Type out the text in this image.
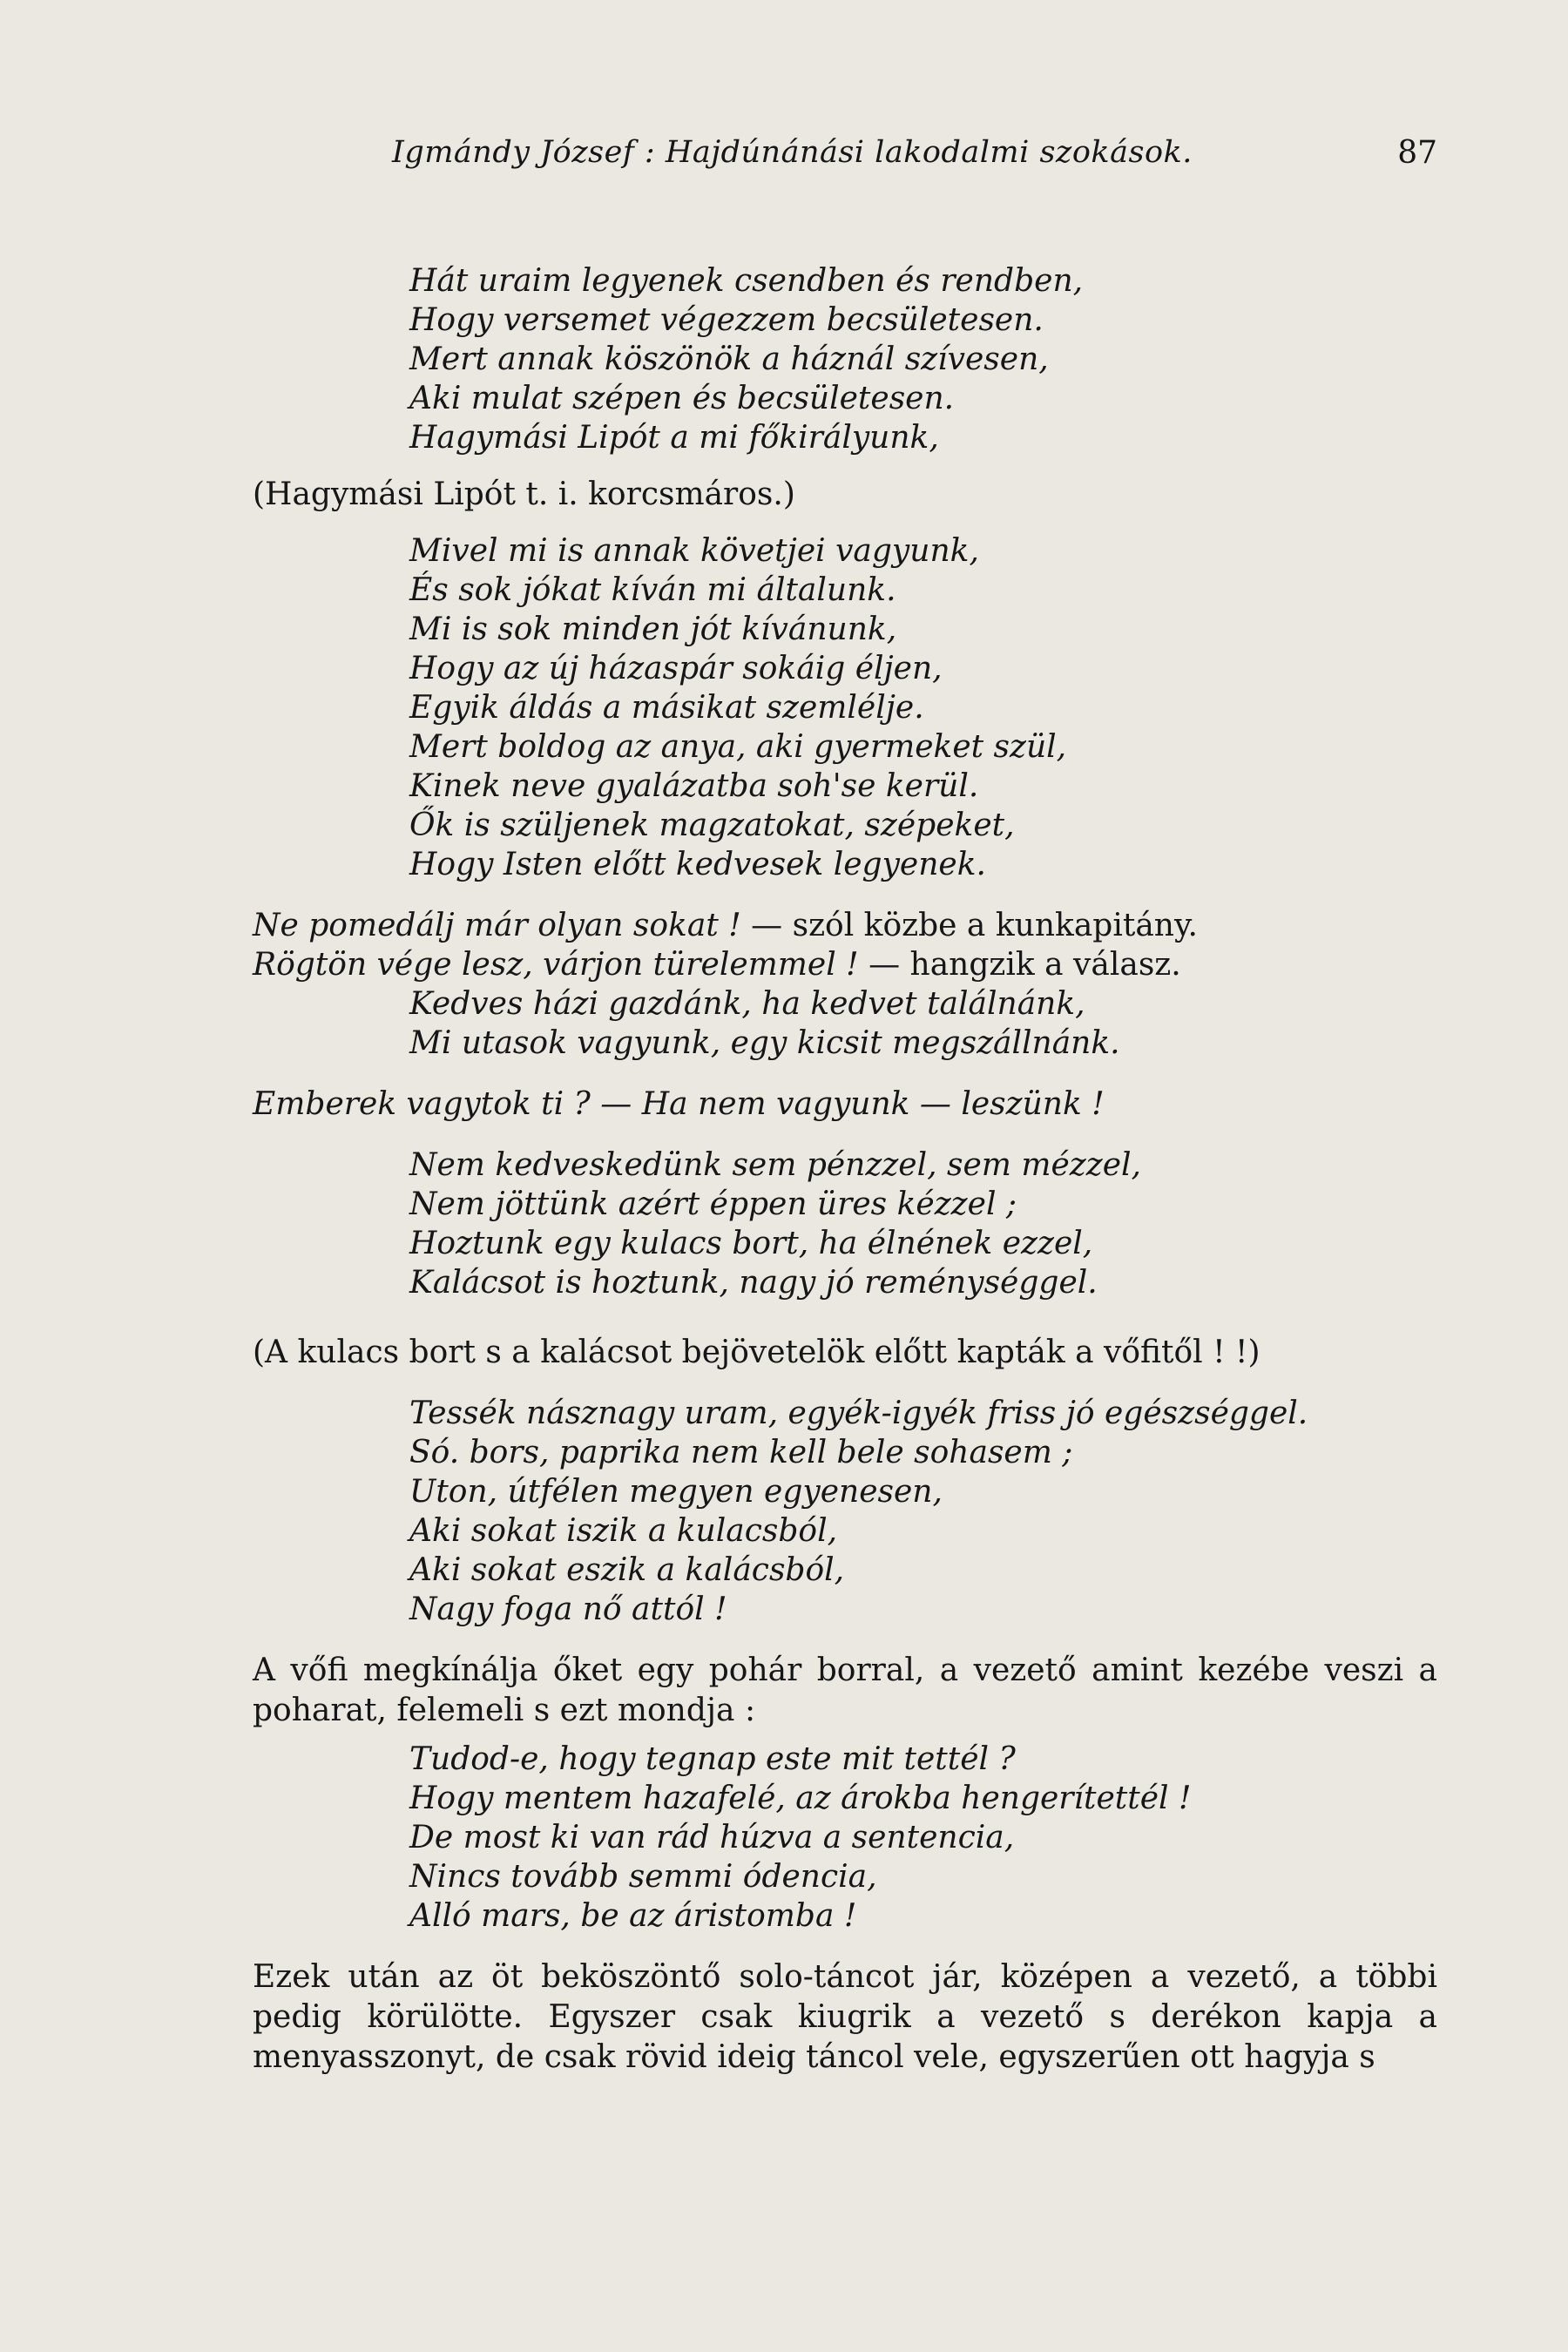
Igmándy József : Hajdúnánási lakodalmi szokások.	87
Hát uraim legyenek csendben és rendben,
Hogy versemet végezzem becsületesen.
Mert annak köszönök a háznál szívesen,
Aki mulat szépen és becsületesen.
Hagymási Lipót a mi főkirályunk,
(Hagymási Lipót t. i. korcsmáros.)
Mivel mi is annak követjei vagyunk,
És sok jókat kíván mi általunk.
Mi is sok minden jót kívánunk,
Hogy az új házaspár sokáig éljen,
Egyik áldás a másikat szemlélje.
Mert boldog az anya, aki gyermeket szül,
Kinek neve gyalázatba soh'se kerül.
Ők is szüljenek magzatokat, szépeket,
Hogy Isten előtt kedvesek legyenek.
Ne pomedálj már olyan sokat ! — szól közbe a kunkapitány.
Rögtön vége lesz, várjon türelemmel ! — hangzik a válasz.
Kedves házi gazdánk, ha kedvet találnánk,
Mi utasok vagyunk, egy kicsit megszállnánk.
Emberek vagytok ti ? — Ha nem vagyunk — leszünk !
Nem kedveskedünk sem pénzzel, sem mézzel,
Nem jöttünk azért éppen üres kézzel ;
Hoztunk egy kulacs bort, ha élnének ezzel,
Kalácsot is hoztunk, nagy jó reménységgel.
(A kulacs bort s a kalácsot bejövetelök előtt kapták a vőfitől ! !)
Tessék násznagy uram, egyék-igyék friss jó egészséggel.
Só. bors, paprika nem kell bele sohasem ;
Uton, útfélen megyen egyenesen,
Aki sokat iszik a kulacsból,
Aki sokat eszik a kalácsból,
Nagy foga nő attól !
A vőfi megkínálja őket egy pohár borral, a vezető amint kezébe veszi a poharat, felemeli s ezt mondja :
Tudod-e, hogy tegnap este mit tettél ?
Hogy mentem hazafelé, az árokba hengerítettél !
De most ki van rád húzva a sentencia,
Nincs tovább semmi ódencia,
Alló mars, be az áristomba !
Ezek után az öt beköszöntő solo-táncot jár, középen a vezető, a többi pedig körülötte. Egyszer csak kiugrik a vezető s derékon kapja a menyasszonyt, de csak rövid ideig táncol vele, egyszerűen ott hagyja s
